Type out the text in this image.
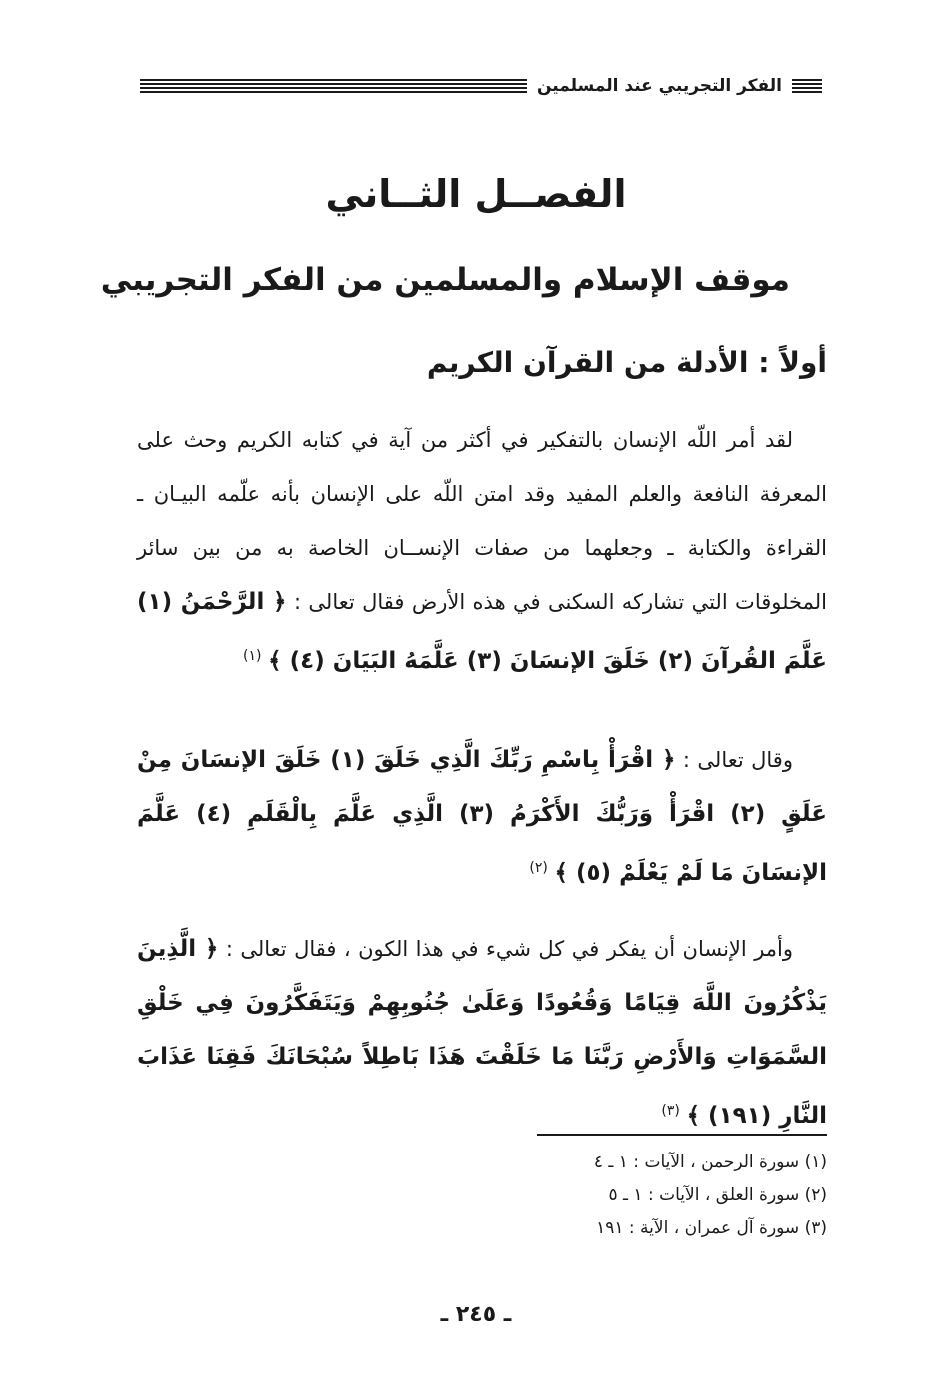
الفكر التجريبي عند المسلمين
الفصــل الثــاني
موقف الإسلام والمسلمين من الفكر التجريبي
أولاً : الأدلة من القرآن الكريم

لقد أمر اللّه الإنسان بالتفكير في أكثر من آية في كتابه الكريم وحث على المعرفة النافعة والعلم المفيد وقد امتن اللّه على الإنسان بأنه علّمه البيـان ـ القراءة والكتابة ـ وجعلهما من صفات الإنســان الخاصة به من بين سائر المخلوقات التي تشاركه السكنى في هذه الأرض فقال تعالى : ﴿ الرَّحْمَنُ (١) عَلَّمَ القُرآنَ (٢) خَلَقَ الإنسَانَ (٣) عَلَّمَهُ البَيَانَ (٤) ﴾ $^{(١)}$

وقال تعالى : ﴿ اقْرَأْ بِاسْمِ رَبِّكَ الَّذِي خَلَقَ (١) خَلَقَ الإنسَانَ مِنْ عَلَقٍ (٢) اقْرَأْ وَرَبُّكَ الأَكْرَمُ (٣) الَّذِي عَلَّمَ بِالْقَلَمِ (٤) عَلَّمَ الإنسَانَ مَا لَمْ يَعْلَمْ (٥) ﴾ $^{(٢)}$

وأمر الإنسان أن يفكر في كل شيء في هذا الكون ، فقال تعالى : ﴿ الَّذِينَ يَذْكُرُونَ اللَّهَ قِيَامًا وَقُعُودًا وَعَلَىٰ جُنُوبِهِمْ وَيَتَفَكَّرُونَ فِي خَلْقِ السَّمَوَاتِ وَالأَرْضِ رَبَّنَا مَا خَلَقْتَ هَذَا بَاطِلاً سُبْحَانَكَ فَقِنَا عَذَابَ النَّارِ (١٩١) ﴾ $^{(٣)}$

(١) سورة الرحمن ، الآيات : ١ ـ ٤
(٢) سورة العلق ، الآيات : ١ ـ ٥
(٣) سورة آل عمران ، الآية : ١٩١
ـ ٢٤٥ ـ
